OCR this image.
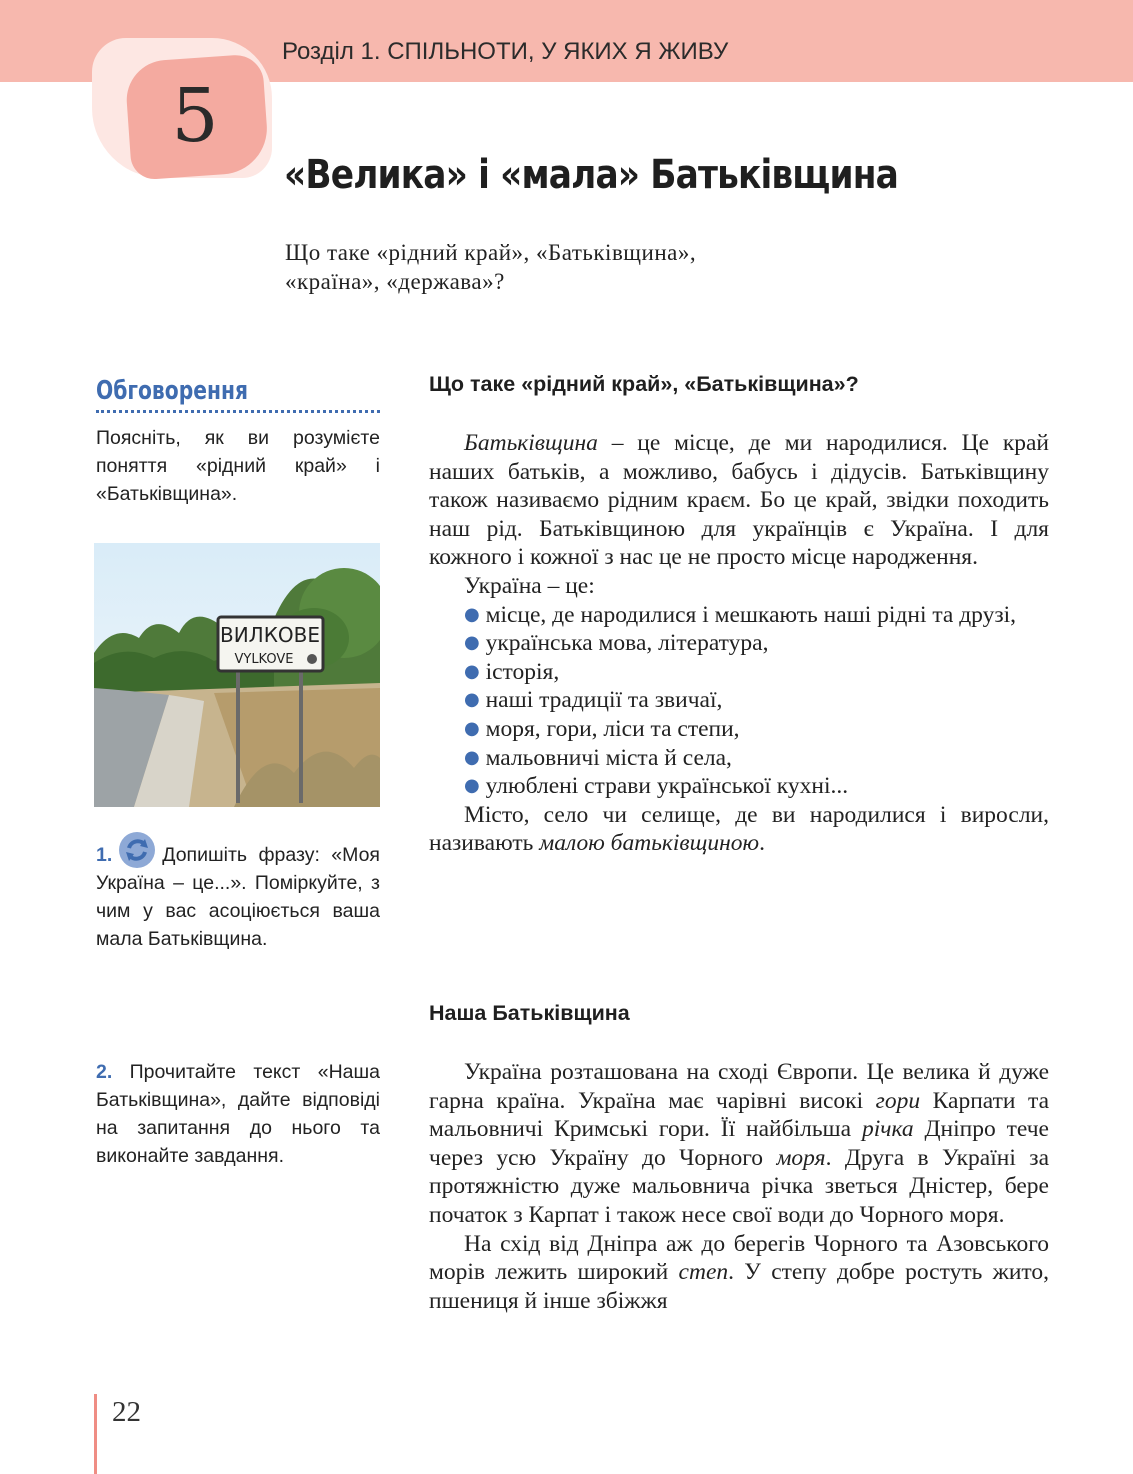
5
Розділ 1. СПІЛЬНОТИ, У ЯКИХ Я ЖИВУ
«Велика» і «мала» Батьківщина
Що таке «рідний край», «Батьківщина»,
«країна», «держава»?
Обговорення

Поясніть, як ви розумієте поняття «рідний край» і «Батьківщина».

ВИЛКОВЕ
VYLKOVE

1.	Допишіть фразу: «Моя Україна – це...». Поміркуйте, з чим у вас асоціюється ваша мала Батьківщина.

2. Прочитайте текст «Наша Батьківщина», дайте відповіді на запитання до нього та виконайте завдання.

Що таке «рідний край», «Батьківщина»?

Батьківщина – це місце, де ми народилися. Це край наших батьків, а можливо, бабусь і дідусів. Батьківщину також називаємо рідним краєм. Бо це край, звідки походить наш рід. Батьківщиною для українців є Україна. І для кожного і кожної з нас це не просто місце народження.

Україна – це:

● місце, де народилися і мешкають наші рідні та друзі,
● українська мова, література,
● історія,
● наші традиції та звичаї,
● моря, гори, ліси та степи,
● мальовничі міста й села,
● улюблені страви української кухні...

Місто, село чи селище, де ви народилися і виросли, називають малою батьківщиною.

Наша Батьківщина

Україна розташована на сході Європи. Це велика й дуже гарна країна. Україна має чарівні високі гори Карпати та мальовничі Кримські гори. Її найбільша річка Дніпро тече через усю Україну до Чорного моря. Друга в Україні за протяжністю дуже мальовнича річка зветься Дністер, бере початок з Карпат і також несе свої води до Чорного моря.

На схід від Дніпра аж до берегів Чорного та Азовського морів лежить широкий степ. У степу добре ростуть жито, пшениця й інше збіжжя

22
